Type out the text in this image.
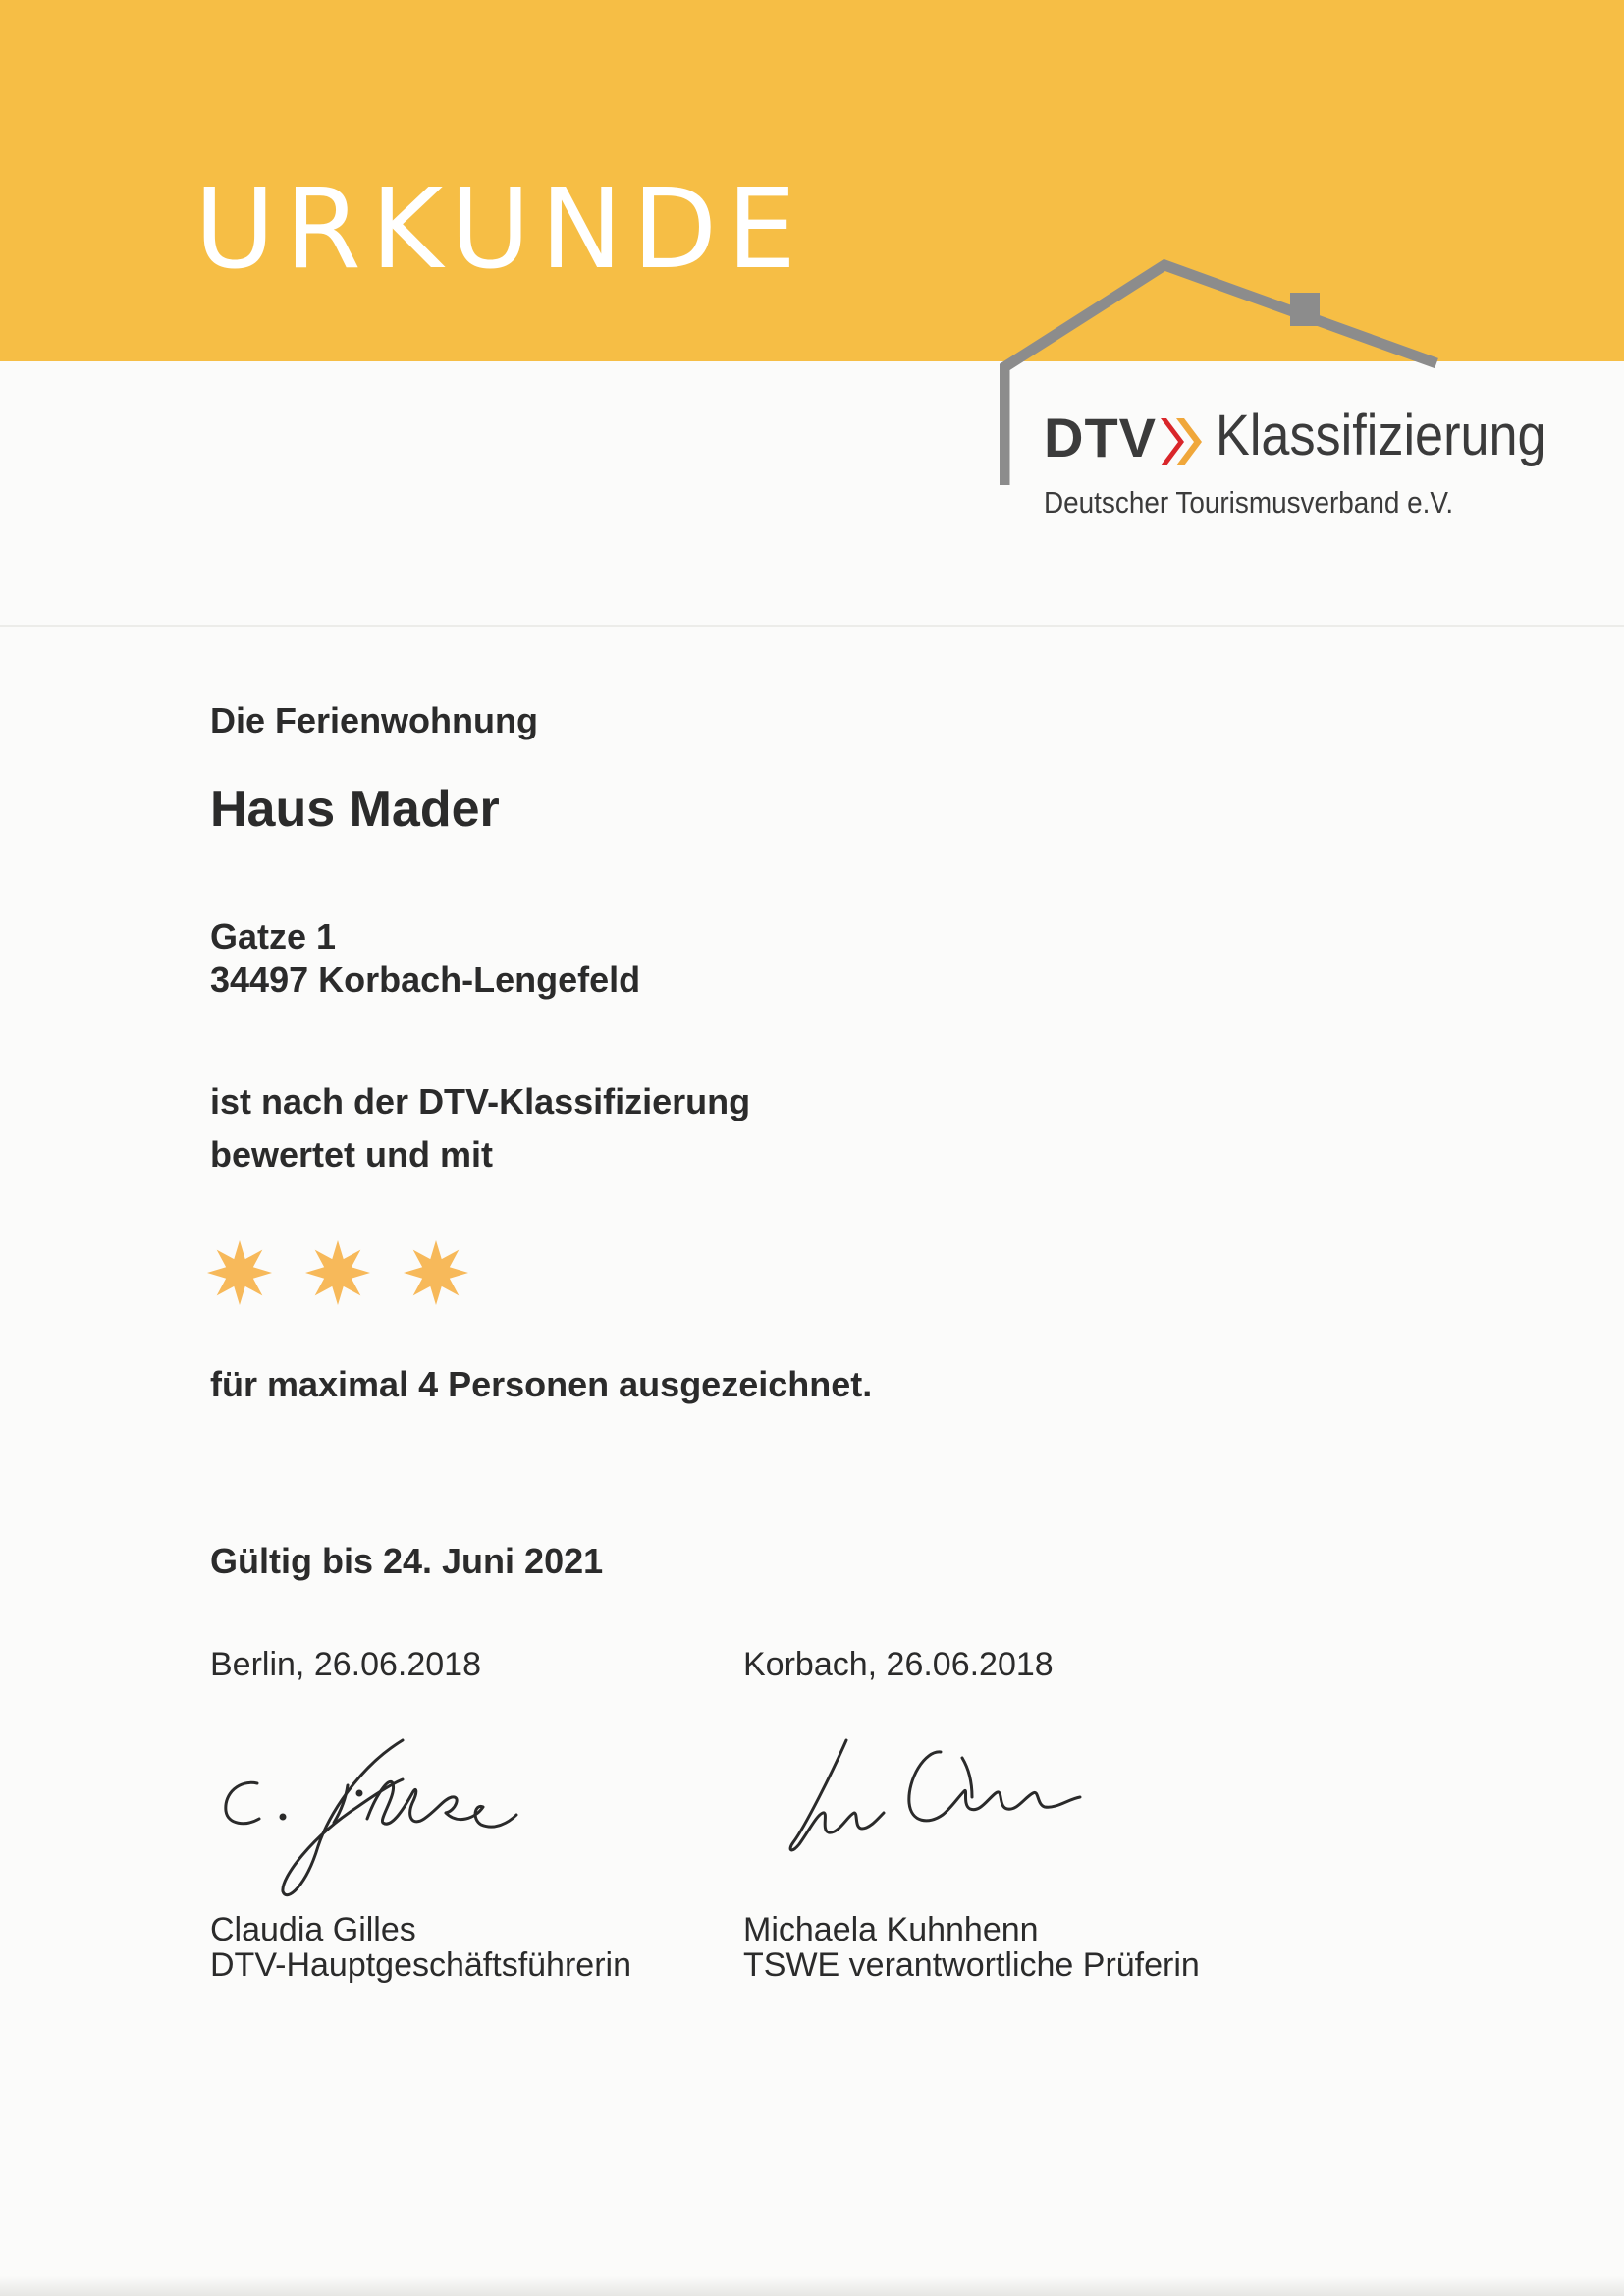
URKUNDE
DTV Klassifizierung
Deutscher Tourismusverband e.V.
Die Ferienwohnung
Haus Mader
Gatze 1
34497 Korbach-Lengefeld
ist nach der DTV-Klassifizierung
bewertet und mit
für maximal 4 Personen ausgezeichnet.
Gültig bis 24. Juni 2021
Berlin, 26.06.2018	Korbach, 26.06.2018
Claudia Gilles
DTV-Hauptgeschäftsführerin
Michaela Kuhnhenn
TSWE verantwortliche Prüferin
